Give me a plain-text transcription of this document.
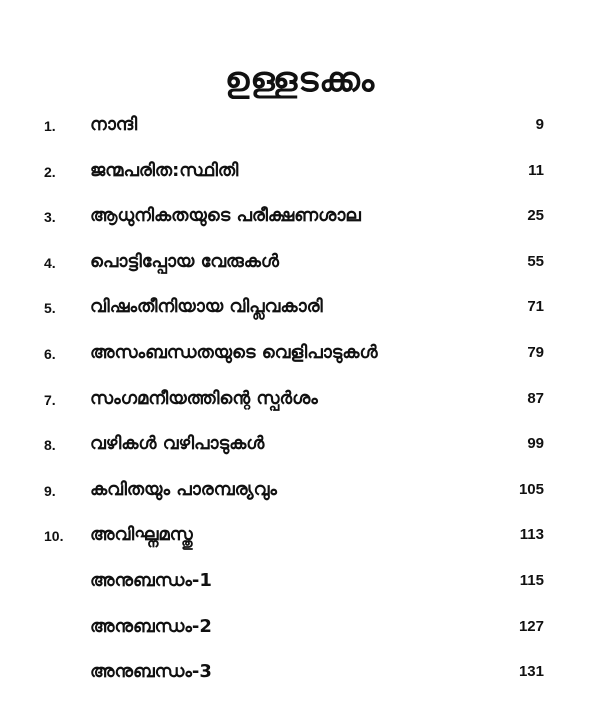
ഉള്ളടക്കം
1. നാന്ദി	9
2. ജന്മപരിത:സ്ഥിതി	11
3. ആധുനികതയുടെ പരീക്ഷണശാല	25
4. പൊട്ടിപ്പോയ വേരുകൾ	55
5. വിഷംതീനിയായ വിപ്ലവകാരി	71
6. അസംബന്ധതയുടെ വെളിപാടുകൾ	79
7. സംഗമനീയത്തിന്റെ സ്പർശം	87
8. വഴികൾ വഴിപാടുകൾ	99
9. കവിതയും പാരമ്പര്യവും	105
10. അവിഘ്നമസ്തു	113
അനുബന്ധം-1	115
അനുബന്ധം-2	127
അനുബന്ധം-3	131
